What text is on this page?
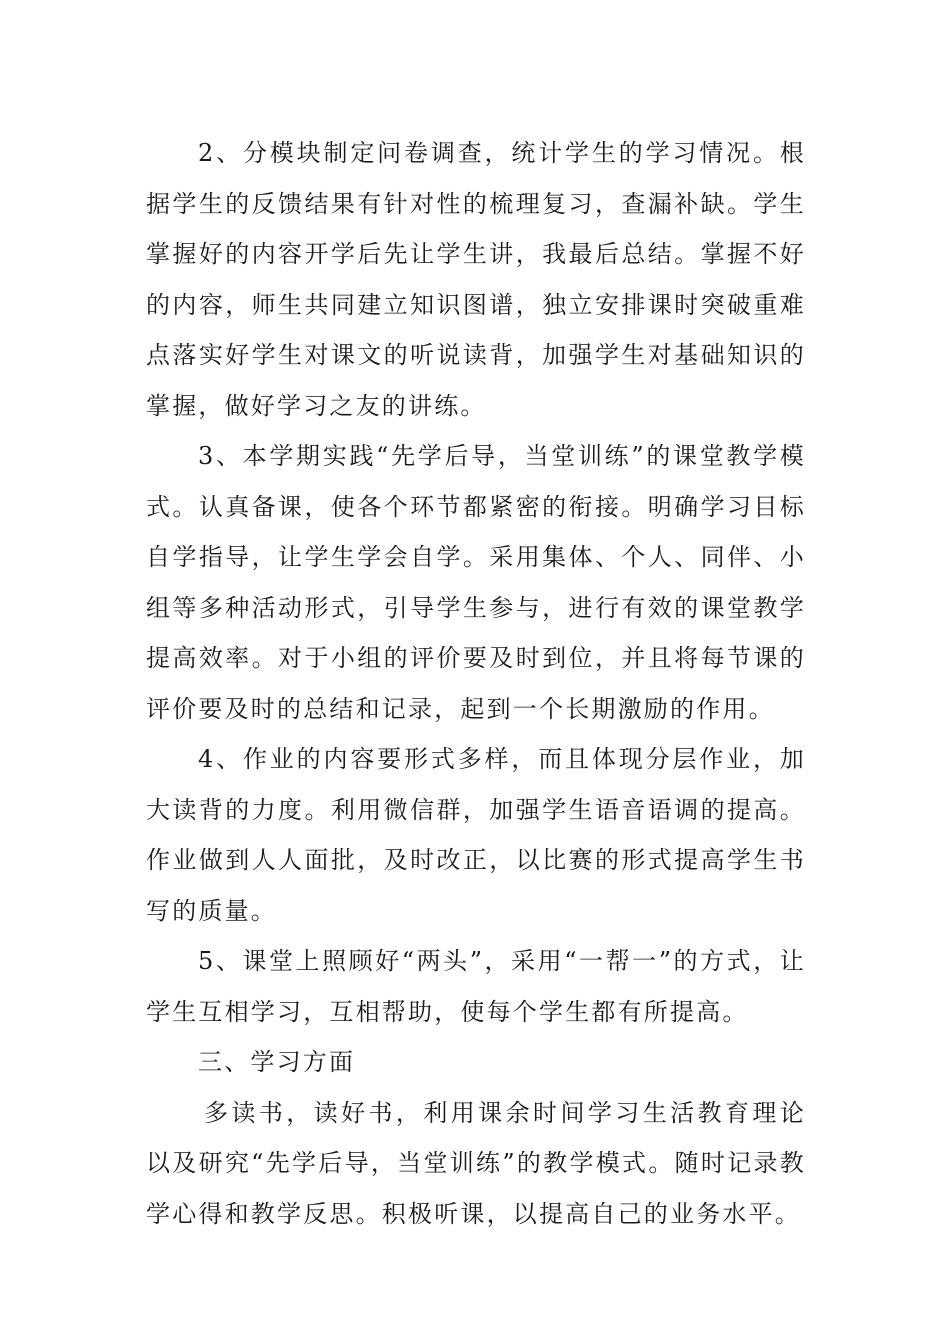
2、分模块制定问卷调查，统计学生的学习情况。根据学生的反馈结果有针对性的梳理复习，查漏补缺。学生掌握好的内容开学后先让学生讲，我最后总结。掌握不好的内容，师生共同建立知识图谱，独立安排课时突破重难点落实好学生对课文的听说读背，加强学生对基础知识的掌握，做好学习之友的讲练。

3、本学期实践“先学后导，当堂训练”的课堂教学模式。认真备课，使各个环节都紧密的衔接。明确学习目标自学指导，让学生学会自学。采用集体、个人、同伴、小组等多种活动形式，引导学生参与，进行有效的课堂教学提高效率。对于小组的评价要及时到位，并且将每节课的评价要及时的总结和记录，起到一个长期激励的作用。

4、作业的内容要形式多样，而且体现分层作业，加大读背的力度。利用微信群，加强学生语音语调的提高。作业做到人人面批，及时改正，以比赛的形式提高学生书写的质量。

5、课堂上照顾好“两头”，采用“一帮一”的方式，让学生互相学习，互相帮助，使每个学生都有所提高。

三、学习方面

多读书，读好书，利用课余时间学习生活教育理论以及研究“先学后导，当堂训练”的教学模式。随时记录教学心得和教学反思。积极听课，以提高自己的业务水平。
